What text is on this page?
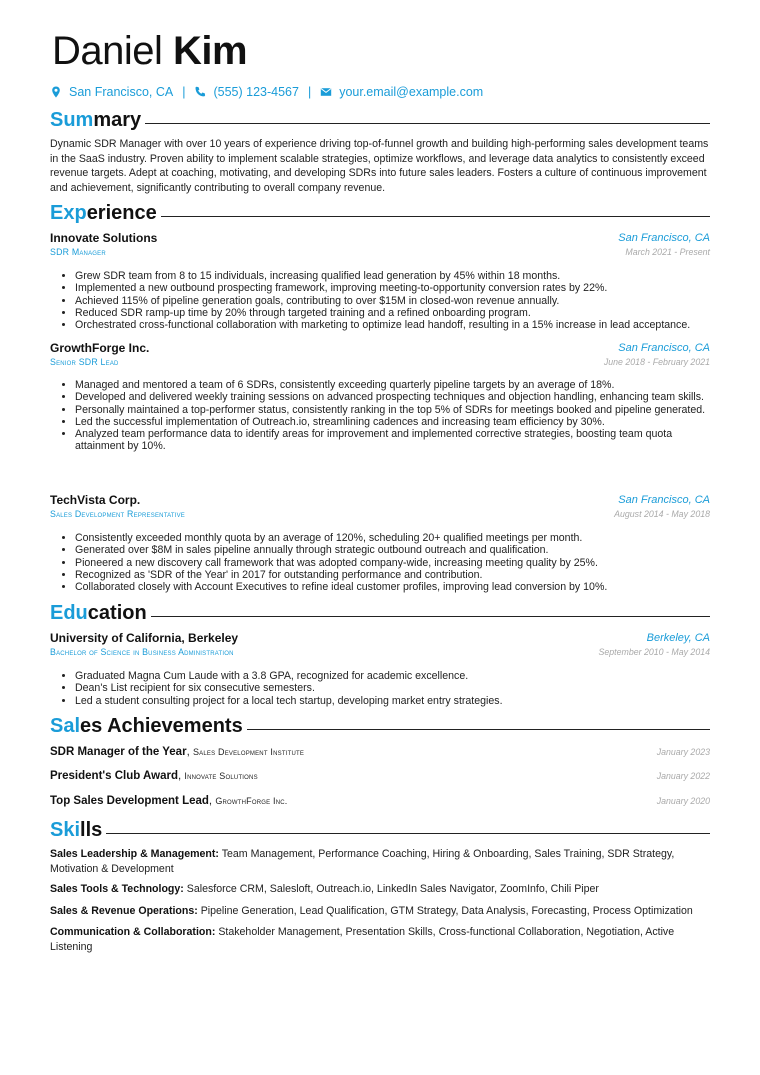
Daniel Kim
San Francisco, CA | (555) 123-4567 | your.email@example.com
Summary

Dynamic SDR Manager with over 10 years of experience driving top-of-funnel growth and building high-performing sales development teams in the SaaS industry. Proven ability to implement scalable strategies, optimize workflows, and leverage data analytics to consistently exceed revenue targets. Adept at coaching, motivating, and developing SDRs into future sales leaders. Fosters a culture of continuous improvement and achievement, significantly contributing to overall company revenue.

Experience
Innovate Solutions	San Francisco, CA
SDR Manager	March 2021 - Present
• Grew SDR team from 8 to 15 individuals, increasing qualified lead generation by 45% within 18 months.
• Implemented a new outbound prospecting framework, improving meeting-to-opportunity conversion rates by 22%.
• Achieved 115% of pipeline generation goals, contributing to over $15M in closed-won revenue annually.
• Reduced SDR ramp-up time by 20% through targeted training and a refined onboarding program.
• Orchestrated cross-functional collaboration with marketing to optimize lead handoff, resulting in a 15% increase in lead acceptance.
GrowthForge Inc.	San Francisco, CA
Senior SDR Lead	June 2018 - February 2021
• Managed and mentored a team of 6 SDRs, consistently exceeding quarterly pipeline targets by an average of 18%.
• Developed and delivered weekly training sessions on advanced prospecting techniques and objection handling, enhancing team skills.
• Personally maintained a top-performer status, consistently ranking in the top 5% of SDRs for meetings booked and pipeline generated.
• Led the successful implementation of Outreach.io, streamlining cadences and increasing team efficiency by 30%.
• Analyzed team performance data to identify areas for improvement and implemented corrective strategies, boosting team quota attainment by 10%.
TechVista Corp.	San Francisco, CA
Sales Development Representative	August 2014 - May 2018
• Consistently exceeded monthly quota by an average of 120%, scheduling 20+ qualified meetings per month.
• Generated over $8M in sales pipeline annually through strategic outbound outreach and qualification.
• Pioneered a new discovery call framework that was adopted company-wide, increasing meeting quality by 25%.
• Recognized as 'SDR of the Year' in 2017 for outstanding performance and contribution.
• Collaborated closely with Account Executives to refine ideal customer profiles, improving lead conversion by 10%.
Education
University of California, Berkeley	Berkeley, CA
Bachelor of Science in Business Administration	September 2010 - May 2014
• Graduated Magna Cum Laude with a 3.8 GPA, recognized for academic excellence.
• Dean's List recipient for six consecutive semesters.
• Led a student consulting project for a local tech startup, developing market entry strategies.
Sales Achievements
SDR Manager of the Year, Sales Development Institute	January 2023
President's Club Award, Innovate Solutions	January 2022
Top Sales Development Lead, GrowthForge Inc.	January 2020
Skills

Sales Leadership & Management: Team Management, Performance Coaching, Hiring & Onboarding, Sales Training, SDR Strategy, Motivation & Development

Sales Tools & Technology: Salesforce CRM, Salesloft, Outreach.io, LinkedIn Sales Navigator, ZoomInfo, Chili Piper

Sales & Revenue Operations: Pipeline Generation, Lead Qualification, GTM Strategy, Data Analysis, Forecasting, Process Optimization

Communication & Collaboration: Stakeholder Management, Presentation Skills, Cross-functional Collaboration, Negotiation, Active Listening
